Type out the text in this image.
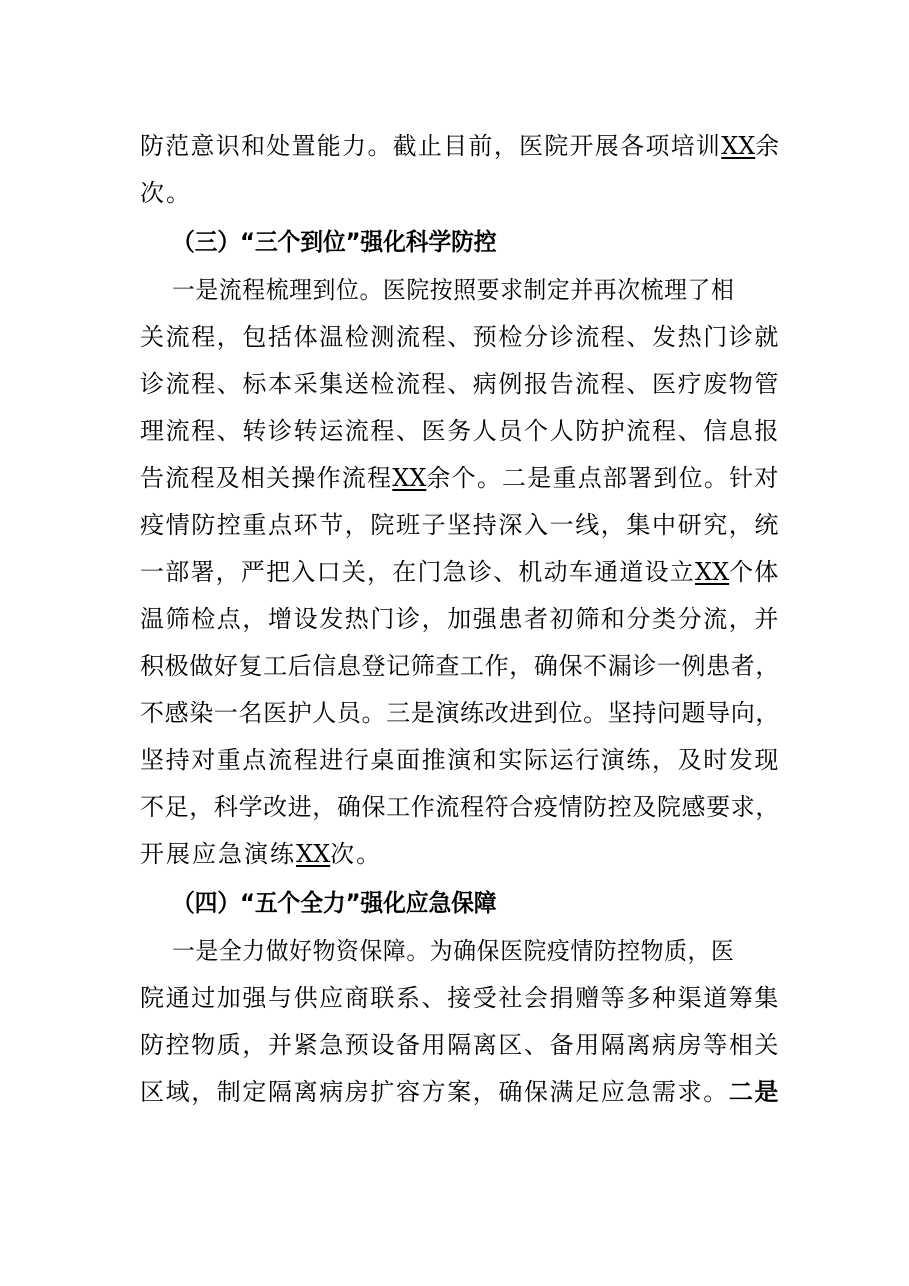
防范意识和处置能力。截止目前，医院开展各项培训XX余
次。
（三）“三个到位”强化科学防控
一是流程梳理到位。医院按照要求制定并再次梳理了相
关流程，包括体温检测流程、预检分诊流程、发热门诊就
诊流程、标本采集送检流程、病例报告流程、医疗废物管
理流程、转诊转运流程、医务人员个人防护流程、信息报
告流程及相关操作流程XX余个。二是重点部署到位。针对
疫情防控重点环节，院班子坚持深入一线，集中研究，统
一部署，严把入口关，在门急诊、机动车通道设立XX个体
温筛检点，增设发热门诊，加强患者初筛和分类分流，并
积极做好复工后信息登记筛查工作，确保不漏诊一例患者，
不感染一名医护人员。三是演练改进到位。坚持问题导向，
坚持对重点流程进行桌面推演和实际运行演练，及时发现
不足，科学改进，确保工作流程符合疫情防控及院感要求，
开展应急演练XX次。
（四）“五个全力”强化应急保障
一是全力做好物资保障。为确保医院疫情防控物质，医
院通过加强与供应商联系、接受社会捐赠等多种渠道筹集
防控物质，并紧急预设备用隔离区、备用隔离病房等相关
区域，制定隔离病房扩容方案，确保满足应急需求。二是
